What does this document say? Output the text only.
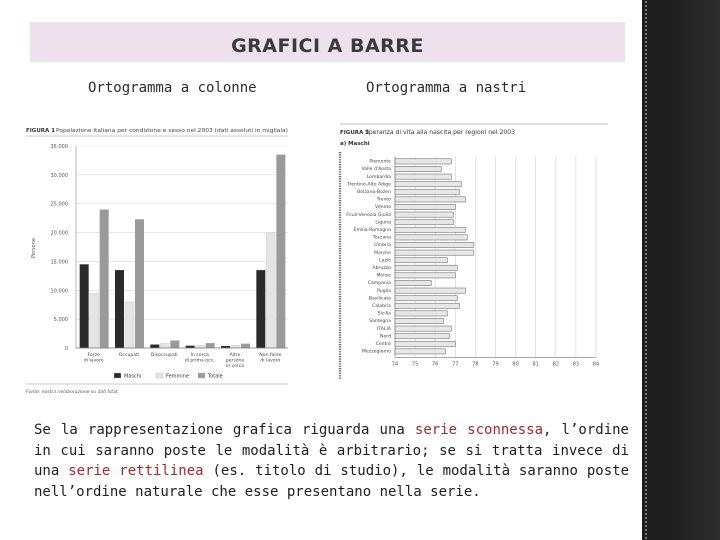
GRAFICI A BARRE
Ortogramma a colonne	Ortogramma a nastri
FIGURA 1 Popolazione italiana per condizione e sesso nel 2003 (dati assoluti in migliaia)
0
5.000
10.000
15.000
20.000
25.000
30.000
35.000
Persone
Forze
di lavoro
Occupati	Disoccupati	In cerca
di prima occ.
Altre
persone
in cerca
Non forze
di lavoro
Maschi	Femmine	Totale
Fonte: nostra rielaborazione su dati Istat.
FIGURA 2
Speranza di vita alla nascita per regioni nel 2003
a) Maschi
74	75	76	77	78	79	80	81	82	83	84
Piemonte
Valle d'Aosta
Lombardia
Trentino-Alto Adige
Bolzano-Bozen
Trento
Veneto
Friuli-Venezia Giulia
Liguria
Emilia-Romagna
Toscana
Umbria
Marche
Lazio
Abruzzo
Molise
Campania
Puglia
Basilicata
Calabria
Sicilia
Sardegna
ITALIA
Nord
Centro
Mezzogiorno
Se la rappresentazione grafica riguarda una serie sconnessa, l’ordine in cui saranno poste le modalità è arbitrario; se si tratta invece di una serie rettilinea (es. titolo di studio), le modalità saranno poste nell’ordine naturale che esse presentano nella serie.
